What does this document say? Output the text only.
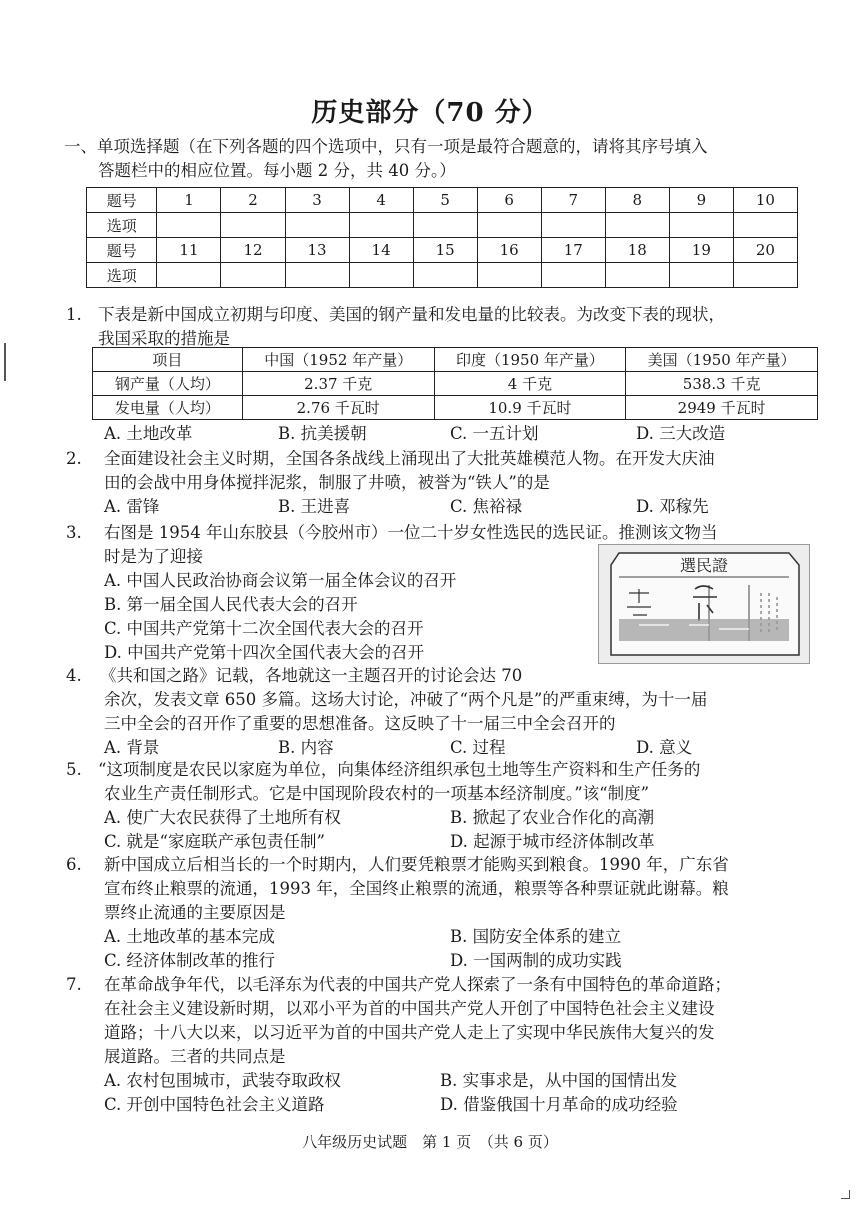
历史部分（70 分）
一、单项选择题（在下列各题的四个选项中，只有一项是最符合题意的，请将其序号填入
答题栏中的相应位置。每小题 2 分，共 40 分。）
题号	1	2	3	4	5	6	7	8	9	10
选项										
题号	11	12	13	14	15	16	17	18	19	20
选项										
1. 下表是新中国成立初期与印度、美国的钢产量和发电量的比较表。为改变下表的现状，
我国采取的措施是
项目	中国（1952 年产量）	印度（1950 年产量）	美国（1950 年产量）
钢产量（人均）	2.37 千克	4 千克	538.3 千克
发电量（人均）	2.76 千瓦时	10.9 千瓦时	2949 千瓦时
A. 土地改革	B. 抗美援朝	C. 一五计划	D. 三大改造
2. 全面建设社会主义时期，全国各条战线上涌现出了大批英雄模范人物。在开发大庆油
田的会战中用身体搅拌泥浆，制服了井喷，被誉为“铁人”的是
A. 雷锋	B. 王进喜	C. 焦裕禄	D. 邓稼先
3. 右图是 1954 年山东胶县（今胶州市）一位二十岁女性选民的选民证。推测该文物当
时是为了迎接
A. 中国人民政治协商会议第一届全体会议的召开
B. 第一届全国人民代表大会的召开
C. 中国共产党第十二次全国代表大会的召开
D. 中国共产党第十四次全国代表大会的召开
選民證
4. 《共和国之路》记载，各地就这一主题召开的讨论会达 70
余次，发表文章 650 多篇。这场大讨论，冲破了“两个凡是”的严重束缚，为十一届
三中全会的召开作了重要的思想准备。这反映了十一届三中全会召开的
A. 背景	B. 内容	C. 过程	D. 意义
5. “这项制度是农民以家庭为单位，向集体经济组织承包土地等生产资料和生产任务的
农业生产责任制形式。它是中国现阶段农村的一项基本经济制度。”该“制度”
A. 使广大农民获得了土地所有权	B. 掀起了农业合作化的高潮
C. 就是“家庭联产承包责任制”	D. 起源于城市经济体制改革
6. 新中国成立后相当长的一个时期内，人们要凭粮票才能购买到粮食。1990 年，广东省
宣布终止粮票的流通，1993 年，全国终止粮票的流通，粮票等各种票证就此谢幕。粮
票终止流通的主要原因是
A. 土地改革的基本完成	B. 国防安全体系的建立
C. 经济体制改革的推行	D. 一国两制的成功实践
7. 在革命战争年代，以毛泽东为代表的中国共产党人探索了一条有中国特色的革命道路；
在社会主义建设新时期，以邓小平为首的中国共产党人开创了中国特色社会主义建设
道路；十八大以来，以习近平为首的中国共产党人走上了实现中华民族伟大复兴的发
展道路。三者的共同点是
A. 农村包围城市，武装夺取政权	B. 实事求是，从中国的国情出发
C. 开创中国特色社会主义道路	D. 借鉴俄国十月革命的成功经验
八年级历史试题　第 1 页　（共 6 页）
